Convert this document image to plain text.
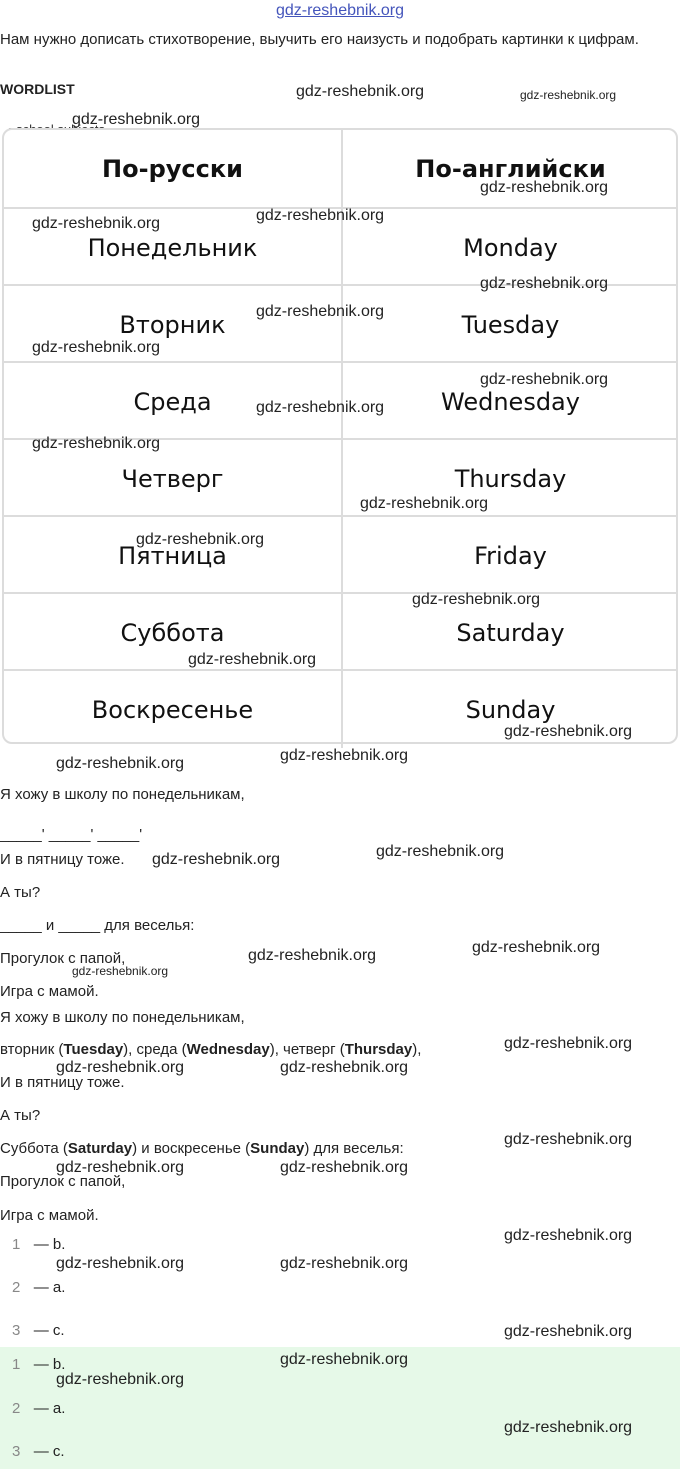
gdz-reshebnik.org
Нам нужно дописать стихотворение, выучить его наизусть и подобрать картинки к цифрам.
WORDLIST
По-русски	По-английски
Понедельник	Monday
Вторник	Tuesday
Среда	Wednesday
Четверг	Thursday
Пятница	Friday
Суббота	Saturday
Воскресенье	Sunday
Я хожу в школу по понедельникам,
_____' _____' _____'
И в пятницу тоже.
А ты?
_____ и _____ для веселья:
Прогулок с папой,
Игра с мамой.
Я хожу в школу по понедельникам,
вторник (Tuesday), среда (Wednesday), четверг (Thursday),
И в пятницу тоже.
А ты?
Суббота (Saturday) и воскресенье (Sunday) для веселья:
Прогулок с папой,
Игра с мамой.
1 — b.
2 — a.
3 — c.
1 — b.
2 — a.
3 — c.
gdz-reshebnik.org	gdz-reshebnik.org
gdz-reshebnik.org
gdz-reshebnik.org
gdz-reshebnik.org
gdz-reshebnik.org
gdz-reshebnik.org
gdz-reshebnik.org
gdz-reshebnik.org
gdz-reshebnik.org
gdz-reshebnik.org
gdz-reshebnik.org
gdz-reshebnik.org
gdz-reshebnik.org
gdz-reshebnik.org
gdz-reshebnik.org
gdz-reshebnik.org
gdz-reshebnik.org
gdz-reshebnik.org
gdz-reshebnik.org
gdz-reshebnik.org
gdz-reshebnik.org
gdz-reshebnik.org
gdz-reshebnik.org
gdz-reshebnik.org
gdz-reshebnik.org	gdz-reshebnik.org
gdz-reshebnik.org
gdz-reshebnik.org	gdz-reshebnik.org
gdz-reshebnik.org
gdz-reshebnik.org	gdz-reshebnik.org
gdz-reshebnik.org
gdz-reshebnik.org
gdz-reshebnik.org
gdz-reshebnik.org
